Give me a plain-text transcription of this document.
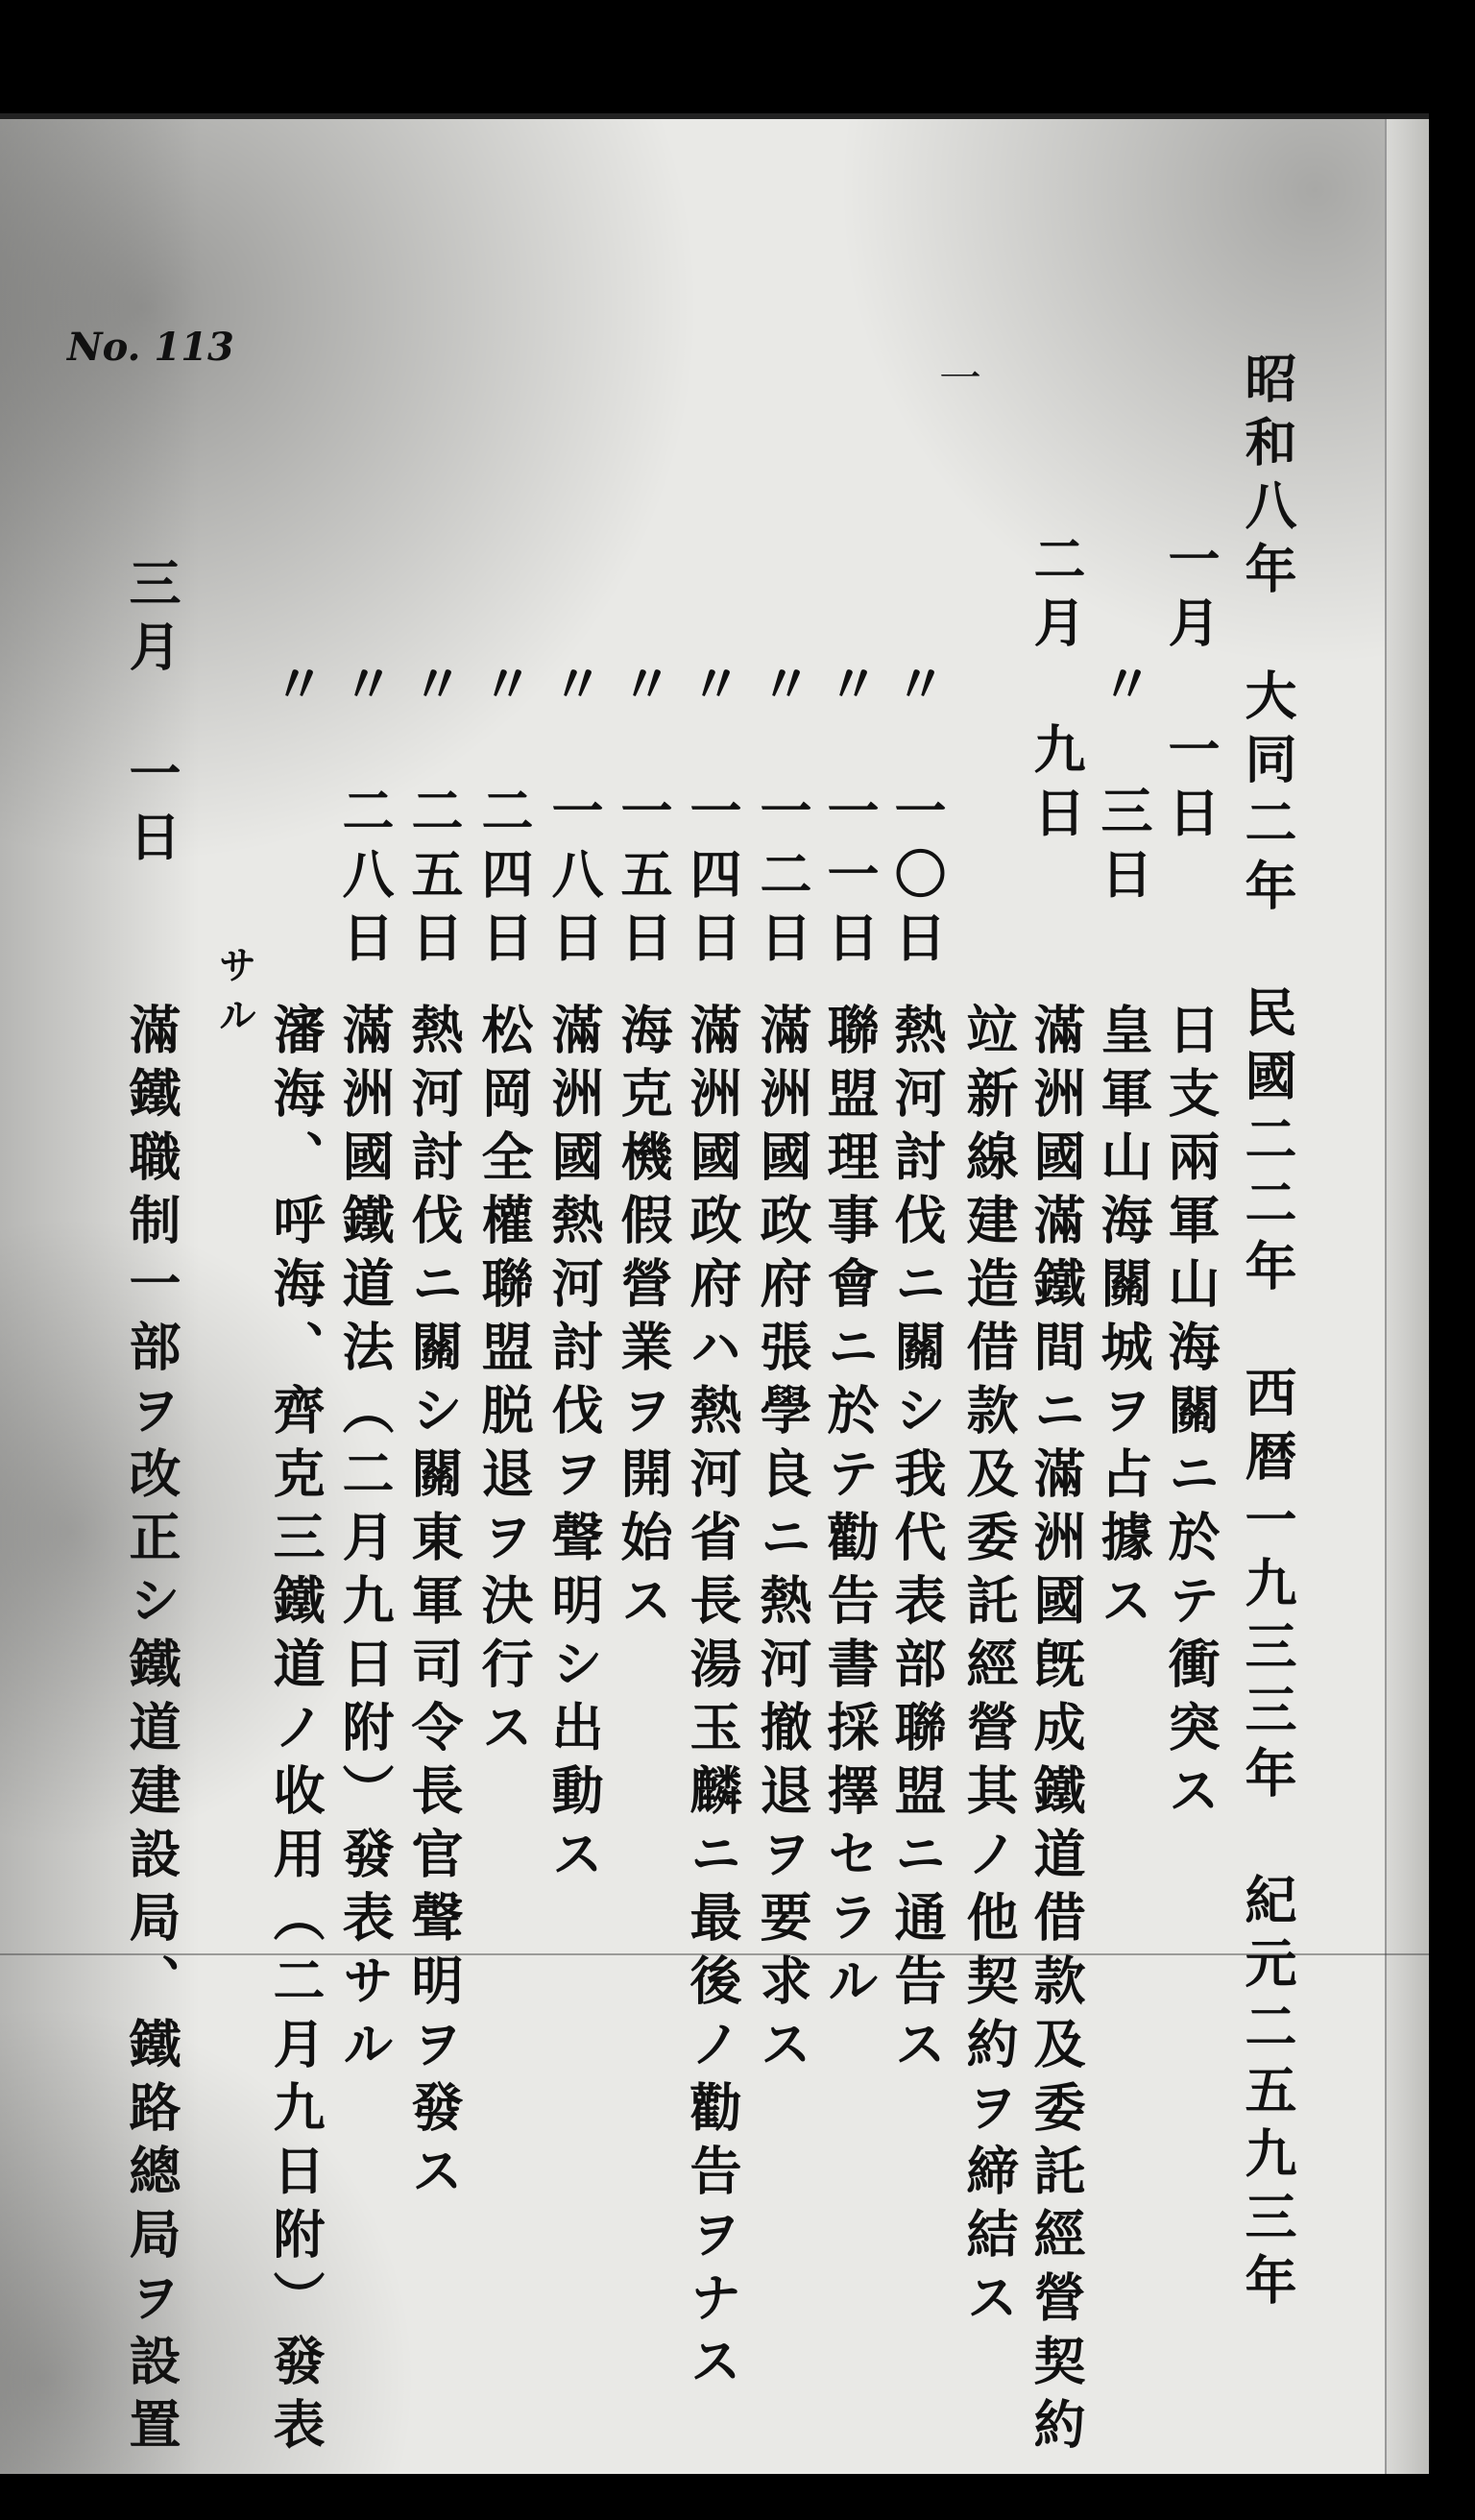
No. 113
一	昭和八年　大同二年　民國二二年　西暦一九三三年　紀元二五九三年
一月　一日
日支兩軍山海關ニ於テ衝突ス
〃　三日
皇軍山海關城ヲ占據ス
二月　九日
滿洲國滿鐵間ニ滿洲國旣成鐵道借款及委託經營契約
竝新線建造借款及委託經營其ノ他契約ヲ締結ス
〃　一〇日
熱河討伐ニ關シ我代表部聯盟ニ通告ス
〃　一一日
聯盟理事會ニ於テ勸告書採擇セラル
〃　一二日
滿洲國政府張學良ニ熱河撤退ヲ要求ス
〃　一四日
滿洲國政府ハ熱河省長湯玉麟ニ最後ノ勸告ヲナス
〃　一五日
海克機假營業ヲ開始ス
〃　一八日
滿洲國熱河討伐ヲ聲明シ出動ス
〃　二四日
松岡全權聯盟脱退ヲ決行ス
〃　二五日
熱河討伐ニ關シ關東軍司令長官聲明ヲ發ス
〃　二八日
滿洲國鐵道法（二月九日附）發表サル
〃
瀋海、呼海、齊克三鐵道ノ收用（二月九日附）發表
サル
三月　一日
滿鐵職制一部ヲ改正シ鐵道建設局、鐵路總局ヲ設置
